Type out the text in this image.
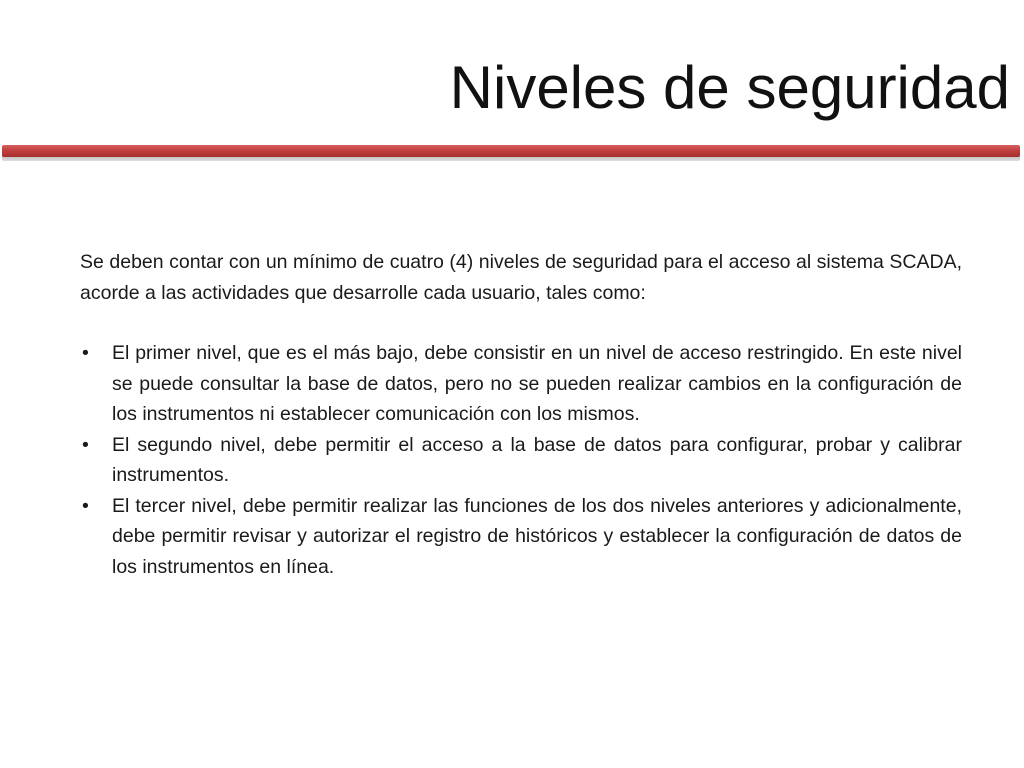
Niveles de seguridad

Se deben contar con un mínimo de cuatro (4) niveles de seguridad para el acceso al sistema SCADA, acorde a las actividades que desarrolle cada usuario, tales como:

• El primer nivel, que es el más bajo, debe consistir en un nivel de acceso restringido. En este nivel se puede consultar la base de datos, pero no se pueden realizar cambios en la configuración de los instrumentos ni establecer comunicación con los mismos.
• El segundo nivel, debe permitir el acceso a la base de datos para configurar, probar y calibrar instrumentos.
• El tercer nivel, debe permitir realizar las funciones de los dos niveles anteriores y adicionalmente, debe permitir revisar y autorizar el registro de históricos y establecer la configuración de datos de los instrumentos en línea.
